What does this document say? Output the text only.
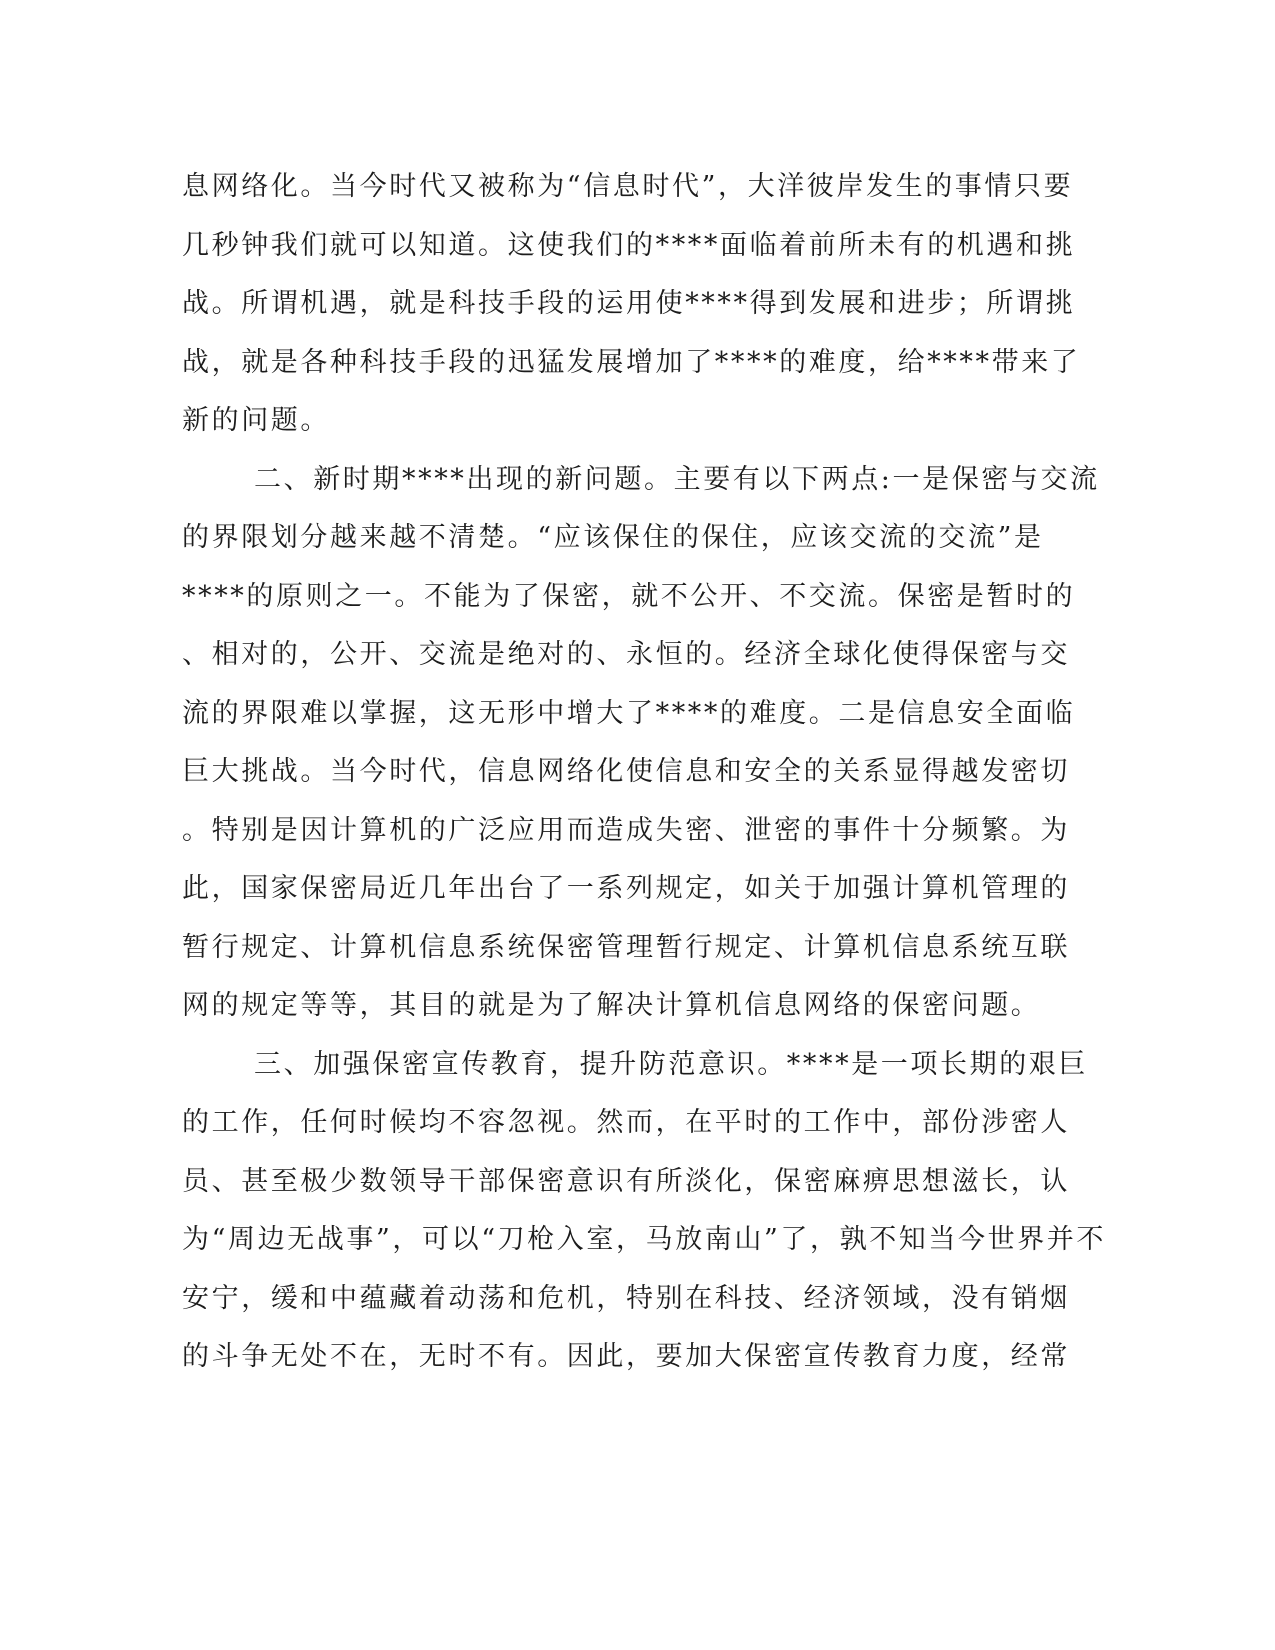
息网络化。当今时代又被称为“信息时代”，大洋彼岸发生的事情只要
几秒钟我们就可以知道。这使我们的****面临着前所未有的机遇和挑
战。所谓机遇，就是科技手段的运用使****得到发展和进步；所谓挑
战，就是各种科技手段的迅猛发展增加了****的难度，给****带来了
新的问题。
二、新时期****出现的新问题。主要有以下两点:一是保密与交流
的界限划分越来越不清楚。“应该保住的保住，应该交流的交流”是
****的原则之一。不能为了保密，就不公开、不交流。保密是暂时的
、相对的，公开、交流是绝对的、永恒的。经济全球化使得保密与交
流的界限难以掌握，这无形中增大了****的难度。二是信息安全面临
巨大挑战。当今时代，信息网络化使信息和安全的关系显得越发密切
。特别是因计算机的广泛应用而造成失密、泄密的事件十分频繁。为
此，国家保密局近几年出台了一系列规定，如关于加强计算机管理的
暂行规定、计算机信息系统保密管理暂行规定、计算机信息系统互联
网的规定等等，其目的就是为了解决计算机信息网络的保密问题。
三、加强保密宣传教育，提升防范意识。****是一项长期的艰巨
的工作，任何时候均不容忽视。然而，在平时的工作中，部份涉密人
员、甚至极少数领导干部保密意识有所淡化，保密麻痹思想滋长，认
为“周边无战事”，可以“刀枪入室，马放南山”了，孰不知当今世界并不
安宁，缓和中蕴藏着动荡和危机，特别在科技、经济领域，没有销烟
的斗争无处不在，无时不有。因此，要加大保密宣传教育力度，经常
